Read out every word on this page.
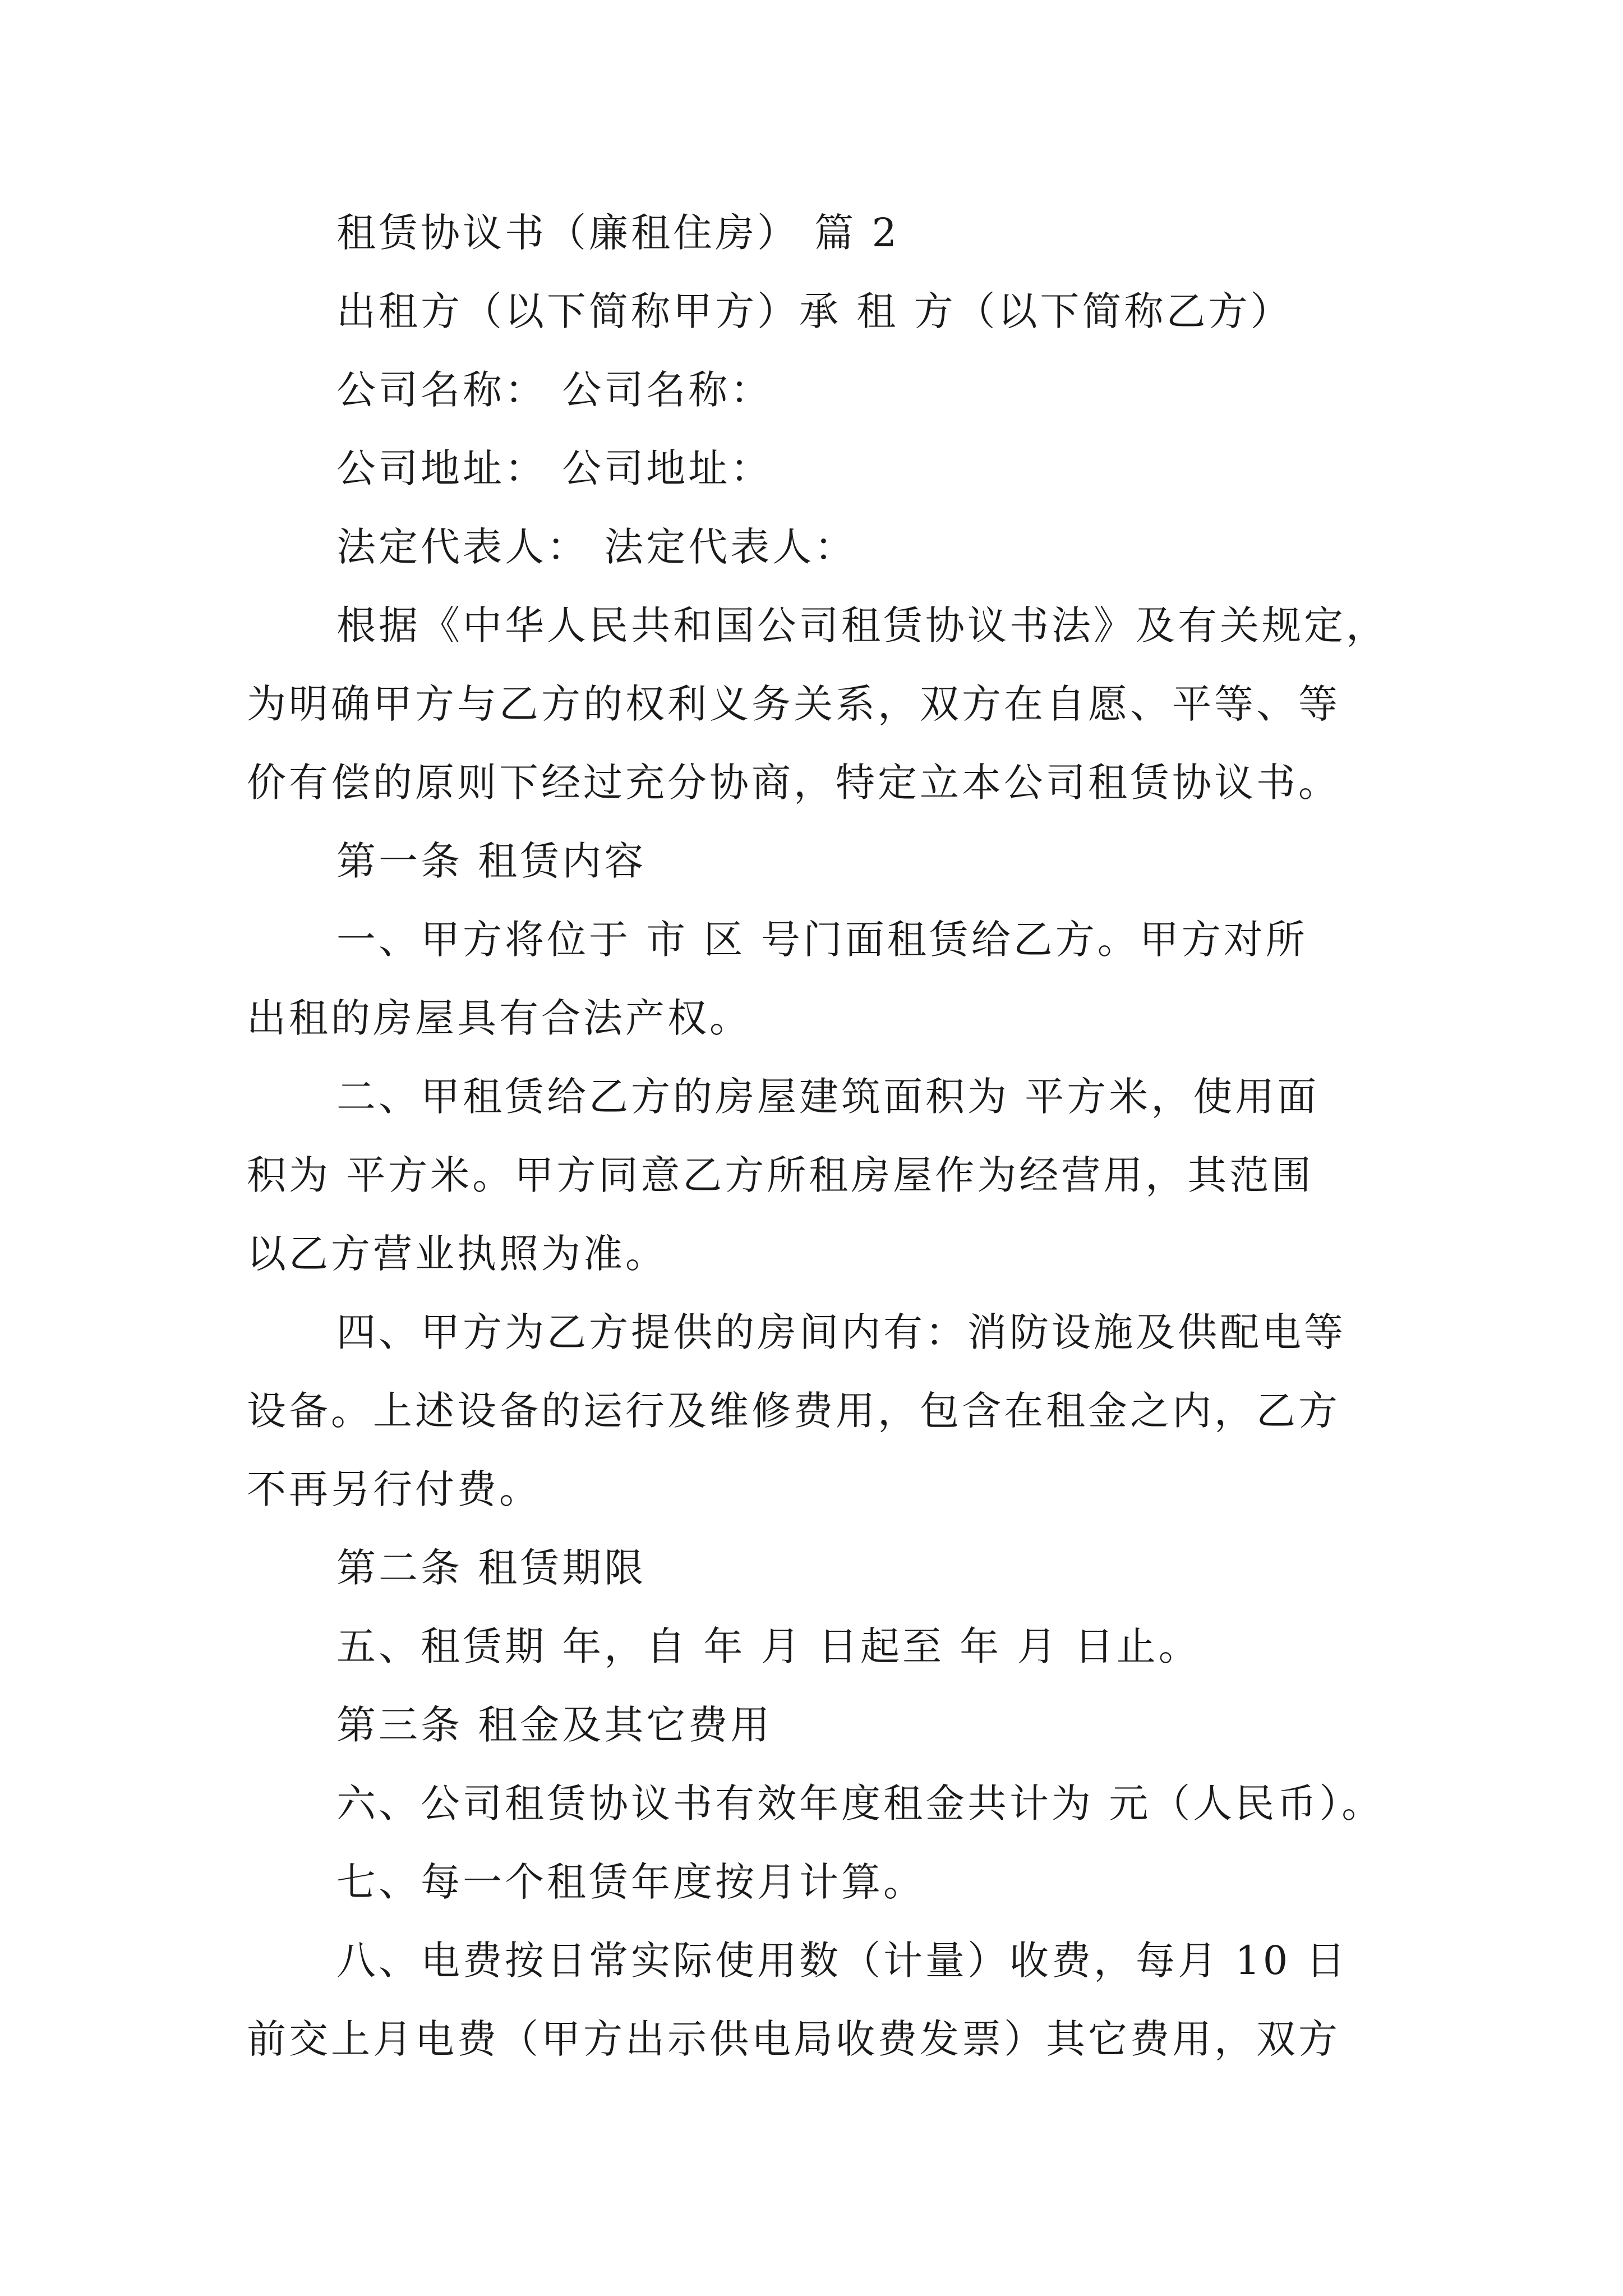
租赁协议书（廉租住房） 篇 2

出租方（以下简称甲方）承 租 方（以下简称乙方）

公司名称： 公司名称：

公司地址： 公司地址：

法定代表人： 法定代表人：

根据《中华人民共和国公司租赁协议书法》及有关规定，

为明确甲方与乙方的权利义务关系，双方在自愿、平等、等

价有偿的原则下经过充分协商，特定立本公司租赁协议书。

第一条 租赁内容

一、甲方将位于 市 区 号门面租赁给乙方。甲方对所

出租的房屋具有合法产权。

二、甲租赁给乙方的房屋建筑面积为 平方米，使用面

积为 平方米。甲方同意乙方所租房屋作为经营用，其范围

以乙方营业执照为准。

四、甲方为乙方提供的房间内有：消防设施及供配电等

设备。上述设备的运行及维修费用，包含在租金之内，乙方

不再另行付费。

第二条 租赁期限

五、租赁期 年，自 年 月 日起至 年 月 日止。

第三条 租金及其它费用

六、公司租赁协议书有效年度租金共计为 元（人民币）。

七、每一个租赁年度按月计算。

八、电费按日常实际使用数（计量）收费，每月 10 日

前交上月电费（甲方出示供电局收费发票）其它费用，双方
